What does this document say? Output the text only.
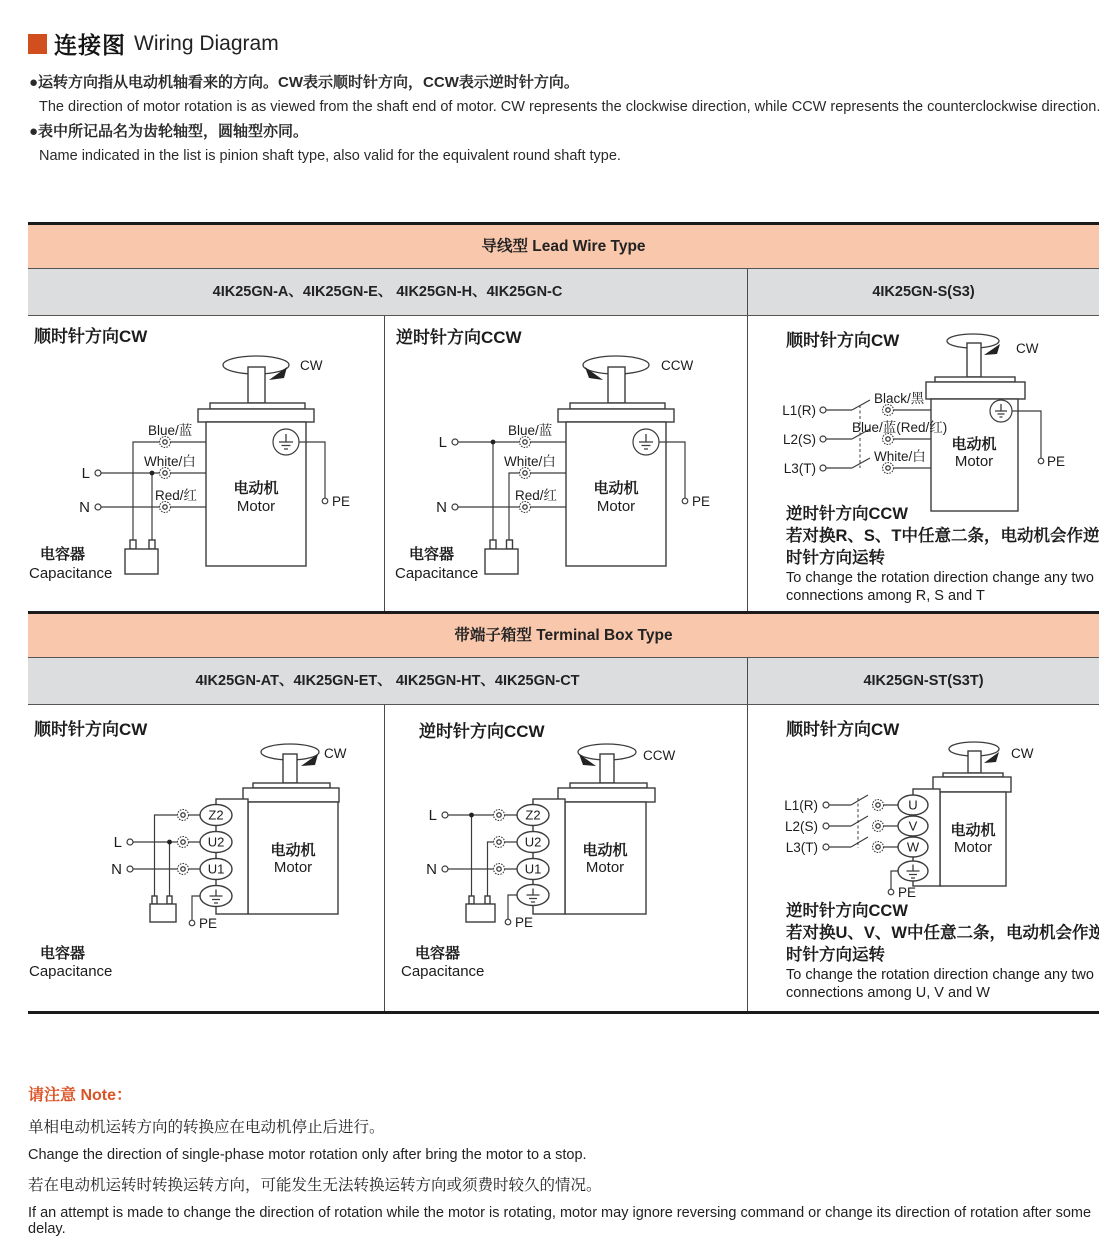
连接图 Wiring Diagram
●运转方向指从电动机轴看来的方向。CW表示顺时针方向，CCW表示逆时针方向。
The direction of motor rotation is as viewed from the shaft end of motor. CW represents the clockwise direction, while CCW represents the counterclockwise direction.
●表中所记品名为齿轮轴型，圆轴型亦同。
Name indicated in the list is pinion shaft type, also valid for the equivalent round shaft type.
导线型 Lead Wire Type
4IK25GN-A、4IK25GN-E、 4IK25GN-H、4IK25GN-C	4IK25GN-S(S3)
顺时针方向CW
CW
电动机
Motor	PE
L
N
Blue/蓝
White/白
Red/红
电容器
Capacitance
逆时针方向CCW
CCW
电动机
Motor	PE
L
N
Blue/蓝
White/白
Red/红
电容器
Capacitance
顺时针方向CW	CW
电动机
Motor	PE
L1(R)
L2(S)
L3(T)
Black/黑
Blue/蓝(Red/红)
White/白
逆时针方向CCW
若对换R、S、T中任意二条，电动机会作逆
时针方向运转
To change the rotation direction change any two
connections among R, S and T
带端子箱型 Terminal Box Type
4IK25GN-AT、4IK25GN-ET、 4IK25GN-HT、4IK25GN-CT	4IK25GN-ST(S3T)
顺时针方向CW
CW
电动机
Motor
L
N
Z2
U2
U1
PE
电容器
Capacitance
逆时针方向CCW
CCW
电动机
Motor
L
N
Z2
U2
U1
PE
电容器
Capacitance
顺时针方向CW
CW
电动机
Motor
L1(R)
L2(S)
L3(T)
U
V
W
PE
逆时针方向CCW
若对换U、V、W中任意二条，电动机会作逆
时针方向运转
To change the rotation direction change any two
connections among U, V and W
请注意 Note：
单相电动机运转方向的转换应在电动机停止后进行。
Change the direction of single-phase motor rotation only after bring the motor to a stop.
若在电动机运转时转换运转方向，可能发生无法转换运转方向或须费时较久的情况。
If an attempt is made to change the direction of rotation while the motor is rotating, motor may ignore reversing command or change its direction of rotation after some delay.
